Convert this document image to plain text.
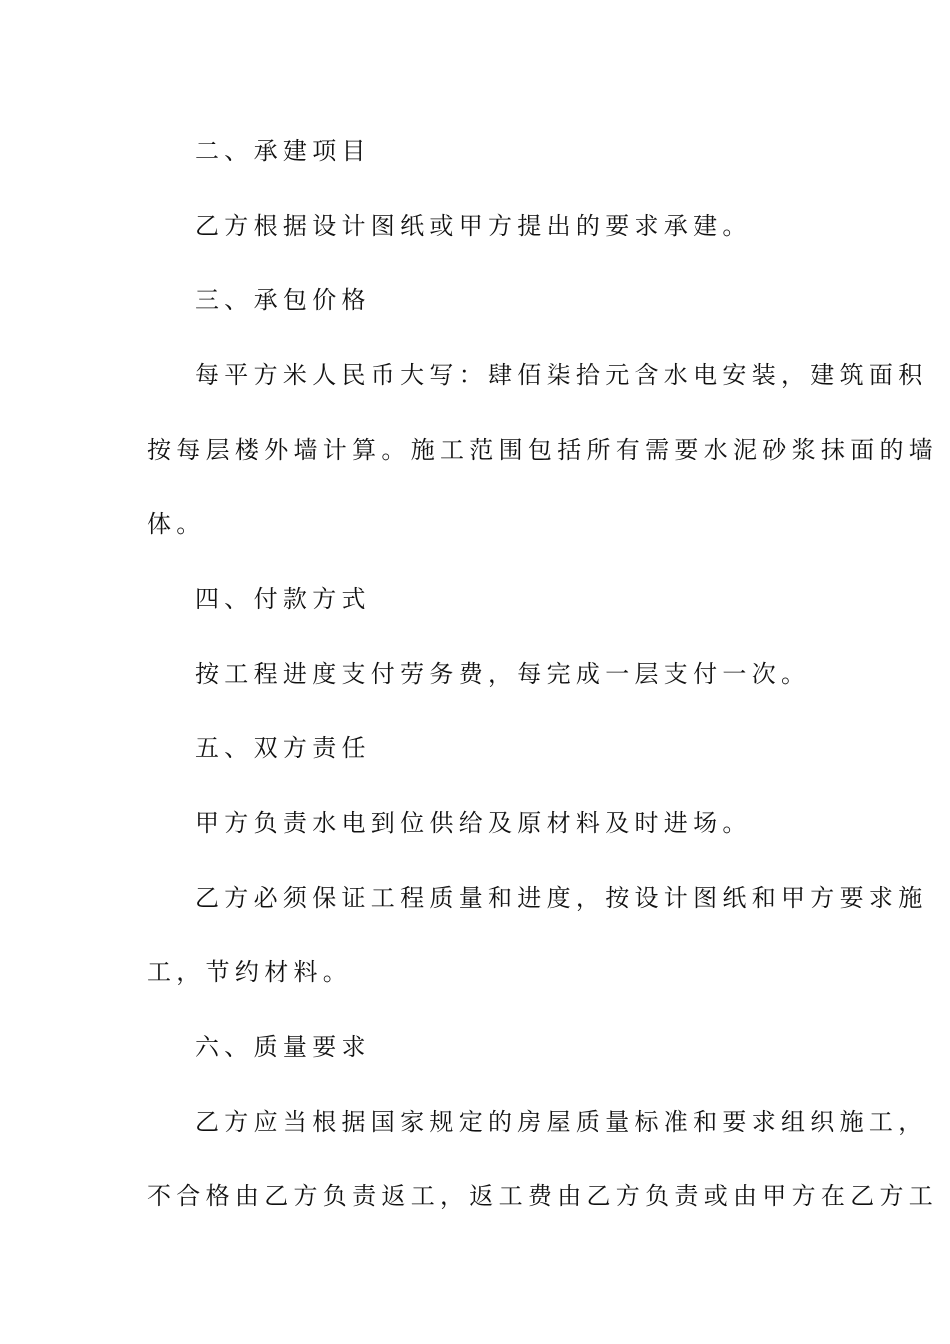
二、承建项目
乙方根据设计图纸或甲方提出的要求承建。
三、承包价格
每平方米人民币大写：肆佰柒拾元含水电安装，建筑面积
按每层楼外墙计算。施工范围包括所有需要水泥砂浆抹面的墙
体。
四、付款方式
按工程进度支付劳务费，每完成一层支付一次。
五、双方责任
甲方负责水电到位供给及原材料及时进场。
乙方必须保证工程质量和进度，按设计图纸和甲方要求施
工，节约材料。
六、质量要求
乙方应当根据国家规定的房屋质量标准和要求组织施工，
不合格由乙方负责返工，返工费由乙方负责或由甲方在乙方工
